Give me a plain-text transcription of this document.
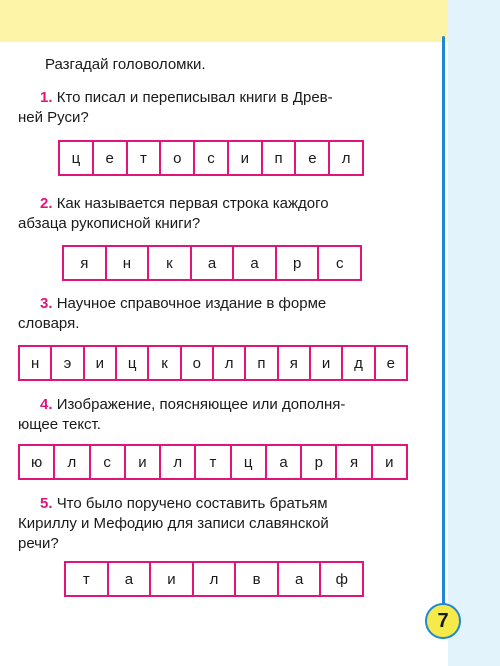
7
Разгадай головоломки.
1. Кто писал и переписывал книги в Древ-
ней Руси?
ц	е	т	о	с	и	п	е	л
2. Как называется первая строка каждого
абзаца рукописной книги?
я	н	к	а	а	р	с
3. Научное справочное издание в форме
словаря.
н	э	и	ц	к	о	л	п	я	и	д	е
4. Изображение, поясняющее или дополня-
ющее текст.
ю	л	с	и	л	т	ц	а	р	я	и
5. Что было поручено составить братьям
Кириллу и Мефодию для записи славянской
речи?
т	а	и	л	в	а	ф
